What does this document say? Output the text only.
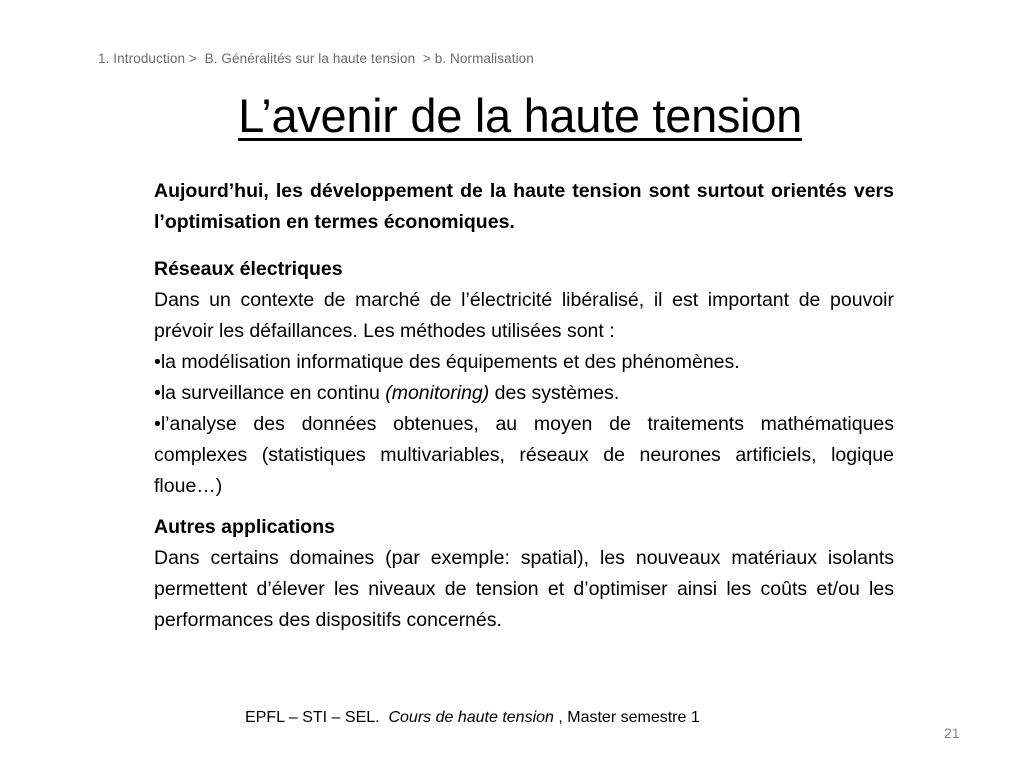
1. Introduction >  B. Généralités sur la haute tension  > b. Normalisation
L’avenir de la haute tension

Aujourd’hui, les développement de la haute tension sont surtout orientés vers l’optimisation en termes économiques.

Réseaux électriques

Dans un contexte de marché de l’électricité libéralisé, il est important de pouvoir prévoir les défaillances. Les méthodes utilisées sont :

•la modélisation informatique des équipements et des phénomènes.

•la surveillance en continu (monitoring) des systèmes.

•l’analyse des données obtenues, au moyen de traitements mathématiques complexes (statistiques multivariables, réseaux de neurones artificiels, logique floue…)

Autres applications

Dans certains domaines (par exemple: spatial), les nouveaux matériaux isolants permettent d’élever les niveaux de tension et d’optimiser ainsi les coûts et/ou les performances des dispositifs concernés.

EPFL – STI – SEL.  Cours de haute tension , Master semestre 1
21
